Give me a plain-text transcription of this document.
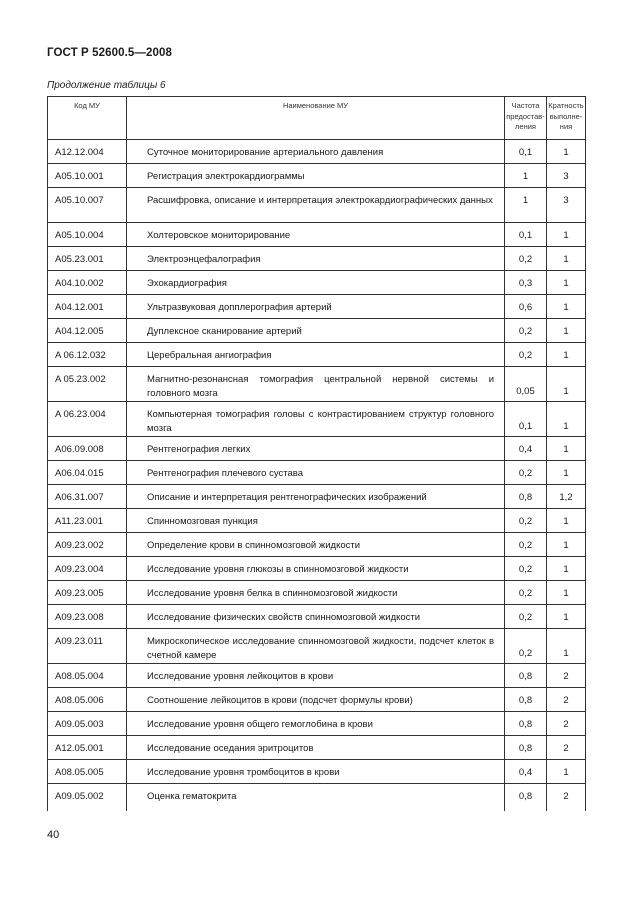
ГОСТ Р 52600.5—2008
Продолжение таблицы 6
Код МУ	Наименование МУ	Частота предостав-ления	Кратность выполне-ния
A12.12.004	Суточное мониторирование артериального давления	0,1	1
A05.10.001	Регистрация электрокардиограммы	1	3
A05.10.007	Расшифровка, описание и интерпретация электрокардиографических данных	1	3
A05.10.004	Холтеровское мониторирование	0,1	1
A05.23.001	Электроэнцефалография	0,2	1
A04.10.002	Эхокардиография	0,3	1
A04.12.001	Ультразвуковая допплерография артерий	0,6	1
A04.12.005	Дуплексное сканирование артерий	0,2	1
A 06.12.032	Церебральная ангиография	0,2	1
A 05.23.002	Магнитно-резонансная томография центральной нервной системы и головного мозга	0,05	1
A 06.23.004	Компьютерная томография головы с контрастированием структур головного мозга	0,1	1
A06.09.008	Рентгенография легких	0,4	1
A06.04.015	Рентгенография плечевого сустава	0,2	1
A06.31.007	Описание и интерпретация рентгенографических изображений	0,8	1,2
A11.23.001	Спинномозговая пункция	0,2	1
A09.23.002	Определение крови в спинномозговой жидкости	0,2	1
A09.23.004	Исследование уровня глюкозы в спинномозговой жидкости	0,2	1
A09.23.005	Исследование уровня белка в спинномозговой жидкости	0,2	1
A09.23.008	Исследование физических свойств спинномозговой жидкости	0,2	1
A09.23.011	Микроскопическое исследование спинномозговой жидкости, подсчет клеток в счетной камере	0,2	1
A08.05.004	Исследование уровня лейкоцитов в крови	0,8	2
A08.05.006	Соотношение лейкоцитов в крови (подсчет формулы крови)	0,8	2
A09.05.003	Исследование уровня общего гемоглобина в крови	0,8	2
A12.05.001	Исследование оседания эритроцитов	0,8	2
A08.05.005	Исследование уровня тромбоцитов в крови	0,4	1
A09.05.002	Оценка гематокрита	0,8	2
40
